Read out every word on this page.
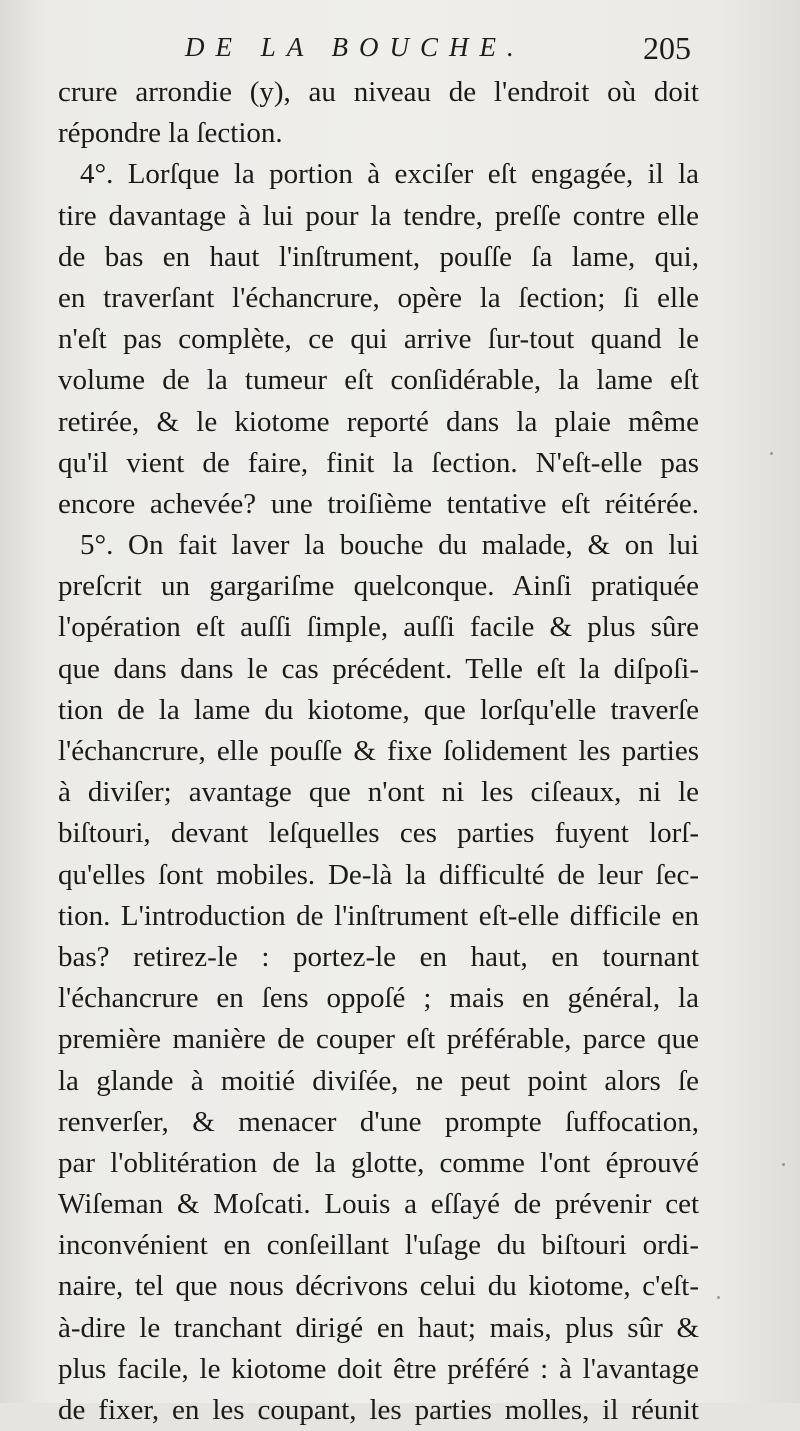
DE LA BOUCHE.	205
crure arrondie (y), au niveau de l'endroit où doit
répondre la ſection.
4°. Lorſque la portion à exciſer eſt engagée, il la
tire davantage à lui pour la tendre, preſſe contre elle
de bas en haut l'inſtrument, pouſſe ſa lame, qui,
en traverſant l'échancrure, opère la ſection; ſi elle
n'eſt pas complète, ce qui arrive ſur-tout quand le
volume de la tumeur eſt conſidérable, la lame eſt
retirée, & le kiotome reporté dans la plaie même
qu'il vient de faire, finit la ſection. N'eſt-elle pas
encore achevée? une troiſième tentative eſt réitérée.
5°. On fait laver la bouche du malade, & on lui
preſcrit un gargariſme quelconque. Ainſi pratiquée
l'opération eſt auſſi ſimple, auſſi facile & plus sûre
que dans dans le cas précédent. Telle eſt la diſpoſi-
tion de la lame du kiotome, que lorſqu'elle traverſe
l'échancrure, elle pouſſe & fixe ſolidement les parties
à diviſer; avantage que n'ont ni les ciſeaux, ni le
biſtouri, devant leſquelles ces parties fuyent lorſ-
qu'elles ſont mobiles. De-là la difficulté de leur ſec-
tion. L'introduction de l'inſtrument eſt-elle difficile en
bas? retirez-le : portez-le en haut, en tournant
l'échancrure en ſens oppoſé ; mais en général, la
première manière de couper eſt préférable, parce que
la glande à moitié diviſée, ne peut point alors ſe
renverſer, & menacer d'une prompte ſuffocation,
par l'oblitération de la glotte, comme l'ont éprouvé
Wiſeman & Moſcati. Louis a eſſayé de prévenir cet
inconvénient en conſeillant l'uſage du biſtouri ordi-
naire, tel que nous décrivons celui du kiotome, c'eſt-
à-dire le tranchant dirigé en haut; mais, plus sûr &
plus facile, le kiotome doit être préféré : à l'avantage
de fixer, en les coupant, les parties molles, il réunit
